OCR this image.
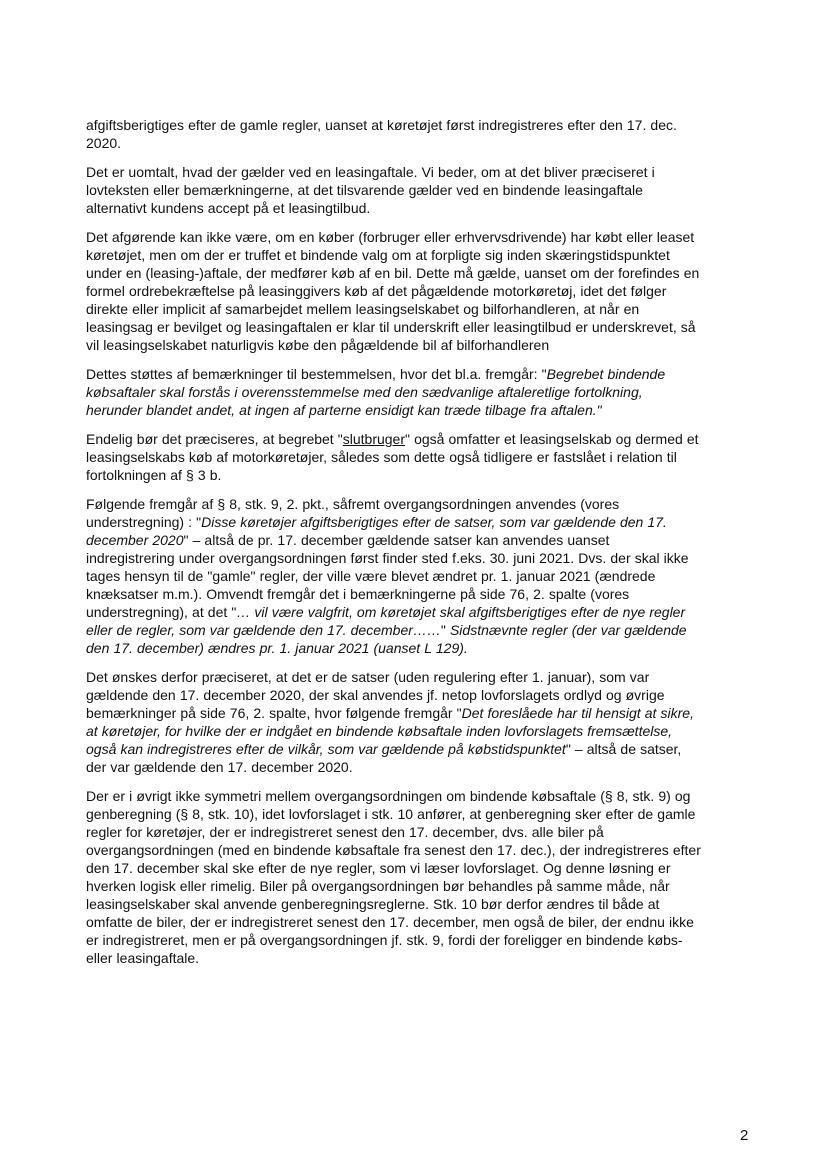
afgiftsberigtiges efter de gamle regler, uanset at køretøjet først indregistreres efter den 17. dec.
2020.

Det er uomtalt, hvad der gælder ved en leasingaftale. Vi beder, om at det bliver præciseret i
lovteksten eller bemærkningerne, at det tilsvarende gælder ved en bindende leasingaftale
alternativt kundens accept på et leasingtilbud.

Det afgørende kan ikke være, om en køber (forbruger eller erhvervsdrivende) har købt eller leaset
køretøjet, men om der er truffet et bindende valg om at forpligte sig inden skæringstidspunktet
under en (leasing-)aftale, der medfører køb af en bil. Dette må gælde, uanset om der forefindes en
formel ordrebekræftelse på leasinggivers køb af det pågældende motorkøretøj, idet det følger
direkte eller implicit af samarbejdet mellem leasingselskabet og bilforhandleren, at når en
leasingsag er bevilget og leasingaftalen er klar til underskrift eller leasingtilbud er underskrevet, så
vil leasingselskabet naturligvis købe den pågældende bil af bilforhandleren

Dettes støttes af bemærkninger til bestemmelsen, hvor det bl.a. fremgår: "Begrebet bindende
købsaftaler skal forstås i overensstemmelse med den sædvanlige aftaleretlige fortolkning,
herunder blandet andet, at ingen af parterne ensidigt kan træde tilbage fra aftalen."

Endelig bør det præciseres, at begrebet "slutbruger" også omfatter et leasingselskab og dermed et
leasingselskabs køb af motorkøretøjer, således som dette også tidligere er fastslået i relation til
fortolkningen af § 3 b.

Følgende fremgår af § 8, stk. 9, 2. pkt., såfremt overgangsordningen anvendes (vores
understregning) : "Disse køretøjer afgiftsberigtiges efter de satser, som var gældende den 17.
december 2020" – altså de pr. 17. december gældende satser kan anvendes uanset
indregistrering under overgangsordningen først finder sted f.eks. 30. juni 2021. Dvs. der skal ikke
tages hensyn til de "gamle" regler, der ville være blevet ændret pr. 1. januar 2021 (ændrede
knæksatser m.m.). Omvendt fremgår det i bemærkningerne på side 76, 2. spalte (vores
understregning), at det "… vil være valgfrit, om køretøjet skal afgiftsberigtiges efter de nye regler
eller de regler, som var gældende den 17. december……" Sidstnævnte regler (der var gældende
den 17. december) ændres pr. 1. januar 2021 (uanset L 129).

Det ønskes derfor præciseret, at det er de satser (uden regulering efter 1. januar), som var
gældende den 17. december 2020, der skal anvendes jf. netop lovforslagets ordlyd og øvrige
bemærkninger på side 76, 2. spalte, hvor følgende fremgår "Det foreslåede har til hensigt at sikre,
at køretøjer, for hvilke der er indgået en bindende købsaftale inden lovforslagets fremsættelse,
også kan indregistreres efter de vilkår, som var gældende på købstidspunktet" – altså de satser,
der var gældende den 17. december 2020.

Der er i øvrigt ikke symmetri mellem overgangsordningen om bindende købsaftale (§ 8, stk. 9) og
genberegning (§ 8, stk. 10), idet lovforslaget i stk. 10 anfører, at genberegning sker efter de gamle
regler for køretøjer, der er indregistreret senest den 17. december, dvs. alle biler på
overgangsordningen (med en bindende købsaftale fra senest den 17. dec.), der indregistreres efter
den 17. december skal ske efter de nye regler, som vi læser lovforslaget. Og denne løsning er
hverken logisk eller rimelig. Biler på overgangsordningen bør behandles på samme måde, når
leasingselskaber skal anvende genberegningsreglerne. Stk. 10 bør derfor ændres til både at
omfatte de biler, der er indregistreret senest den 17. december, men også de biler, der endnu ikke
er indregistreret, men er på overgangsordningen jf. stk. 9, fordi der foreligger en bindende købs-
eller leasingaftale.

2
